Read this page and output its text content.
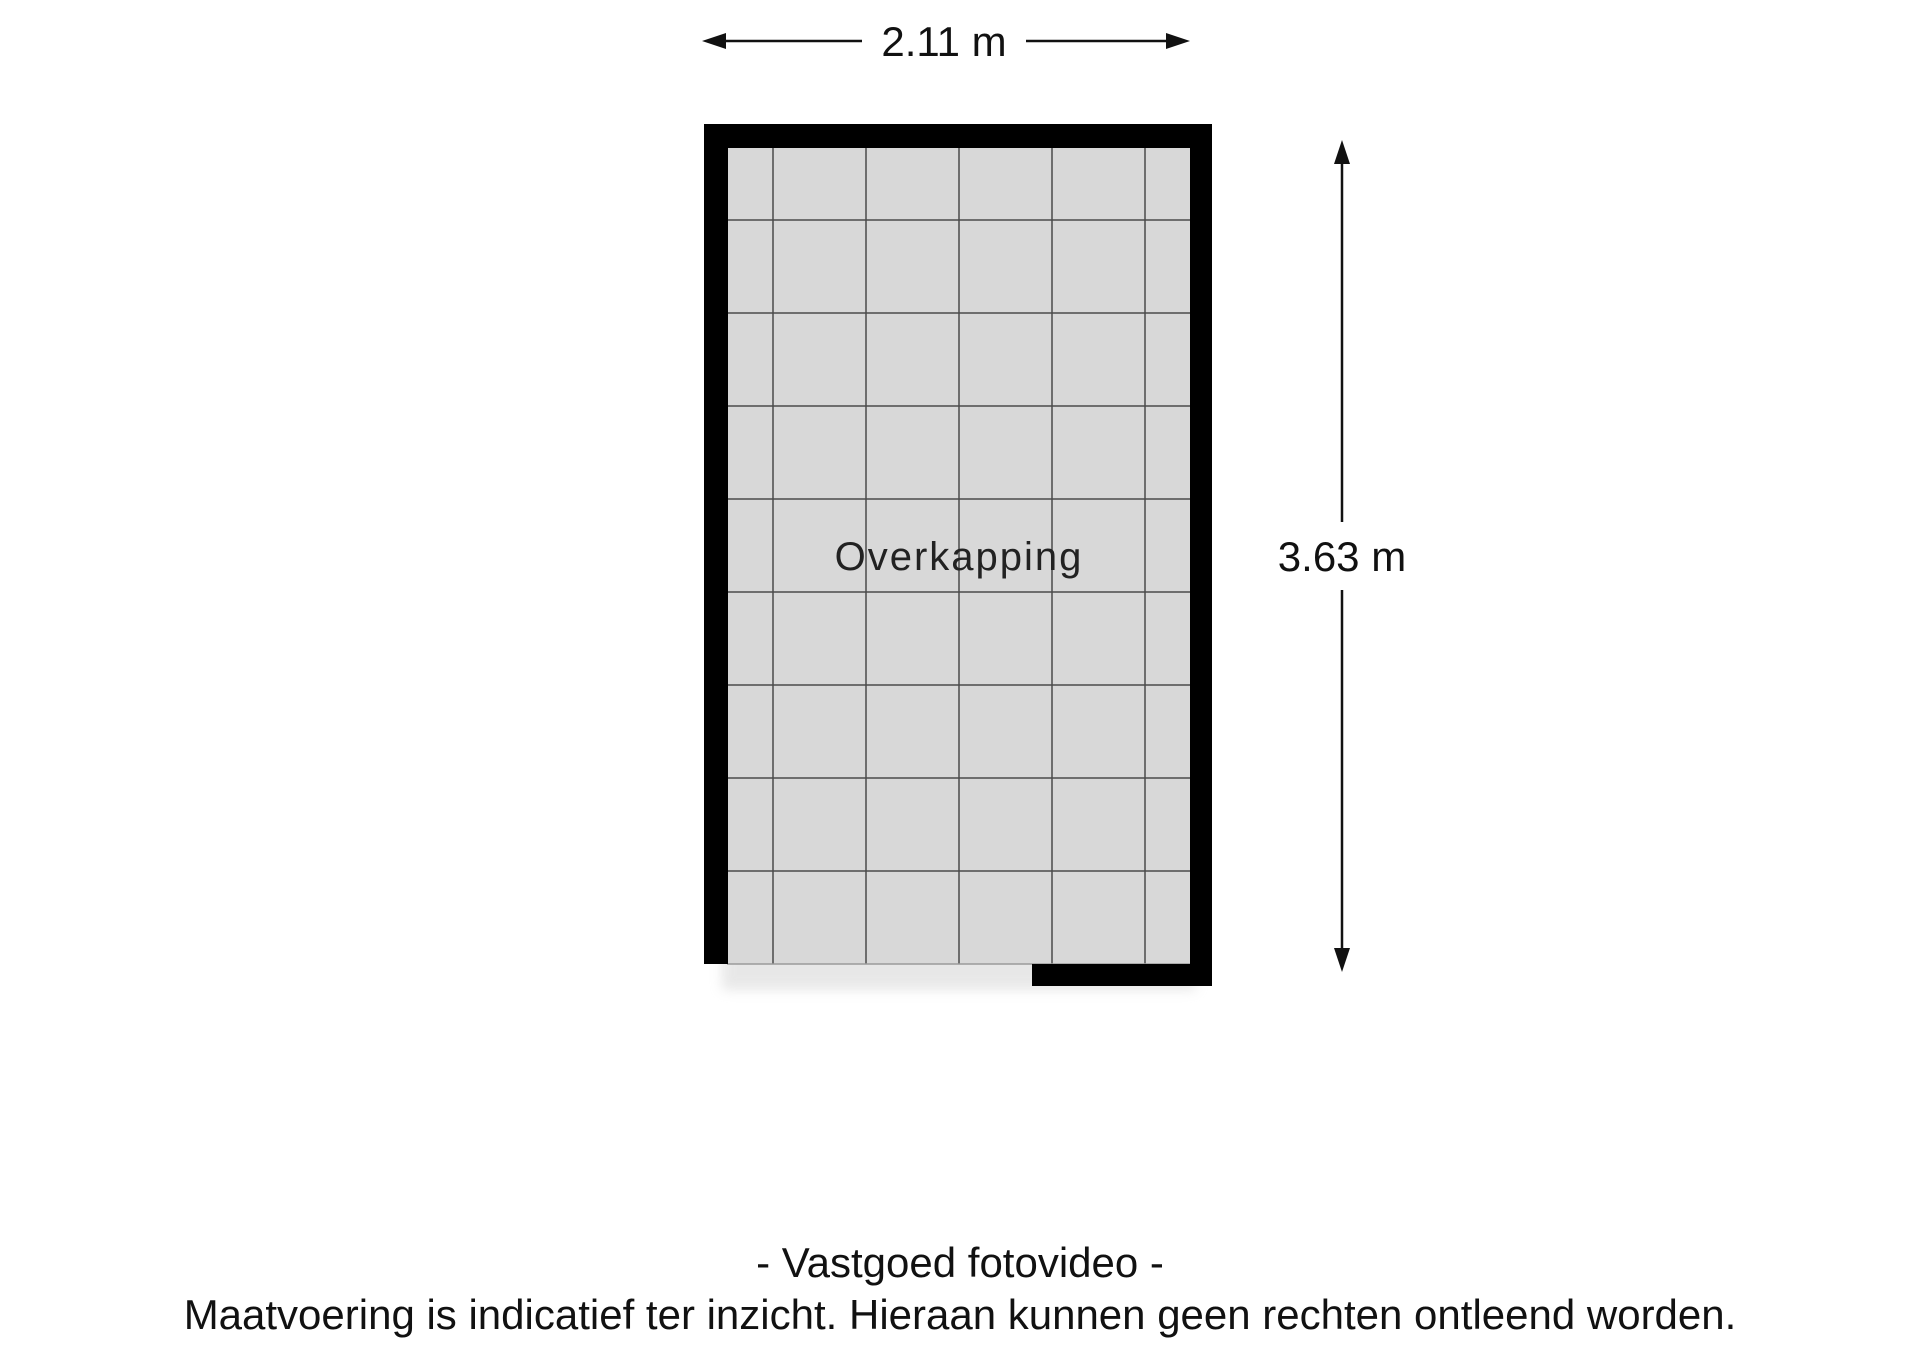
Overkapping
2.11 m
3.63 m
- Vastgoed fotovideo -
Maatvoering is indicatief ter inzicht. Hieraan kunnen geen rechten ontleend worden.
